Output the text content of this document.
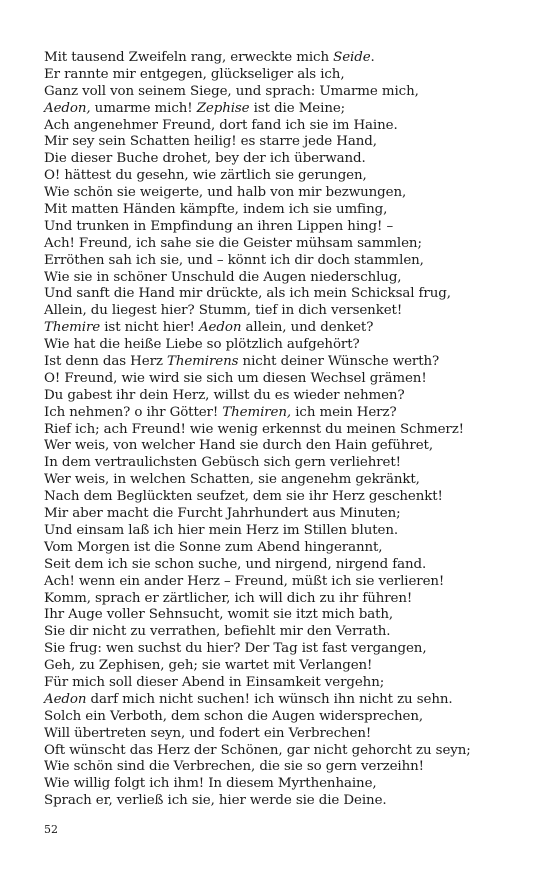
Mit tausend Zweifeln rang, erweckte mich Seide.
Er rannte mir entgegen, glückseliger als ich,
Ganz voll von seinem Siege, und sprach: Umarme mich,
Aedon, umarme mich! Zephise ist die Meine;
Ach angenehmer Freund, dort fand ich sie im Haine.
Mir sey sein Schatten heilig! es starre jede Hand,
Die dieser Buche drohet, bey der ich überwand.
O! hättest du gesehn, wie zärtlich sie gerungen,
Wie schön sie weigerte, und halb von mir bezwungen,
Mit matten Händen kämpfte, indem ich sie umfing,
Und trunken in Empfindung an ihren Lippen hing! –
Ach! Freund, ich sahe sie die Geister mühsam sammlen;
Erröthen sah ich sie, und – könnt ich dir doch stammlen,
Wie sie in schöner Unschuld die Augen niederschlug,
Und sanft die Hand mir drückte, als ich mein Schicksal frug,
Allein, du liegest hier? Stumm, tief in dich versenket!
Themire ist nicht hier! Aedon allein, und denket?
Wie hat die heiße Liebe so plötzlich aufgehört?
Ist denn das Herz Themirens nicht deiner Wünsche werth?
O! Freund, wie wird sie sich um diesen Wechsel grämen!
Du gabest ihr dein Herz, willst du es wieder nehmen?
Ich nehmen? o ihr Götter! Themiren, ich mein Herz?
Rief ich; ach Freund! wie wenig erkennst du meinen Schmerz!
Wer weis, von welcher Hand sie durch den Hain geführet,
In dem vertraulichsten Gebüsch sich gern verliehret!
Wer weis, in welchen Schatten, sie angenehm gekränkt,
Nach dem Beglückten seufzet, dem sie ihr Herz geschenkt!
Mir aber macht die Furcht Jahrhundert aus Minuten;
Und einsam laß ich hier mein Herz im Stillen bluten.
Vom Morgen ist die Sonne zum Abend hingerannt,
Seit dem ich sie schon suche, und nirgend, nirgend fand.
Ach! wenn ein ander Herz – Freund, müßt ich sie verlieren!
Komm, sprach er zärtlicher, ich will dich zu ihr führen!
Ihr Auge voller Sehnsucht, womit sie itzt mich bath,
Sie dir nicht zu verrathen, befiehlt mir den Verrath.
Sie frug: wen suchst du hier? Der Tag ist fast vergangen,
Geh, zu Zephisen, geh; sie wartet mit Verlangen!
Für mich soll dieser Abend in Einsamkeit vergehn;
Aedon darf mich nicht suchen! ich wünsch ihn nicht zu sehn.
Solch ein Verboth, dem schon die Augen widersprechen,
Will übertreten seyn, und fodert ein Verbrechen!
Oft wünscht das Herz der Schönen, gar nicht gehorcht zu seyn;
Wie schön sind die Verbrechen, die sie so gern verzeihn!
Wie willig folgt ich ihm! In diesem Myrthenhaine,
Sprach er, verließ ich sie, hier werde sie die Deine.
52
